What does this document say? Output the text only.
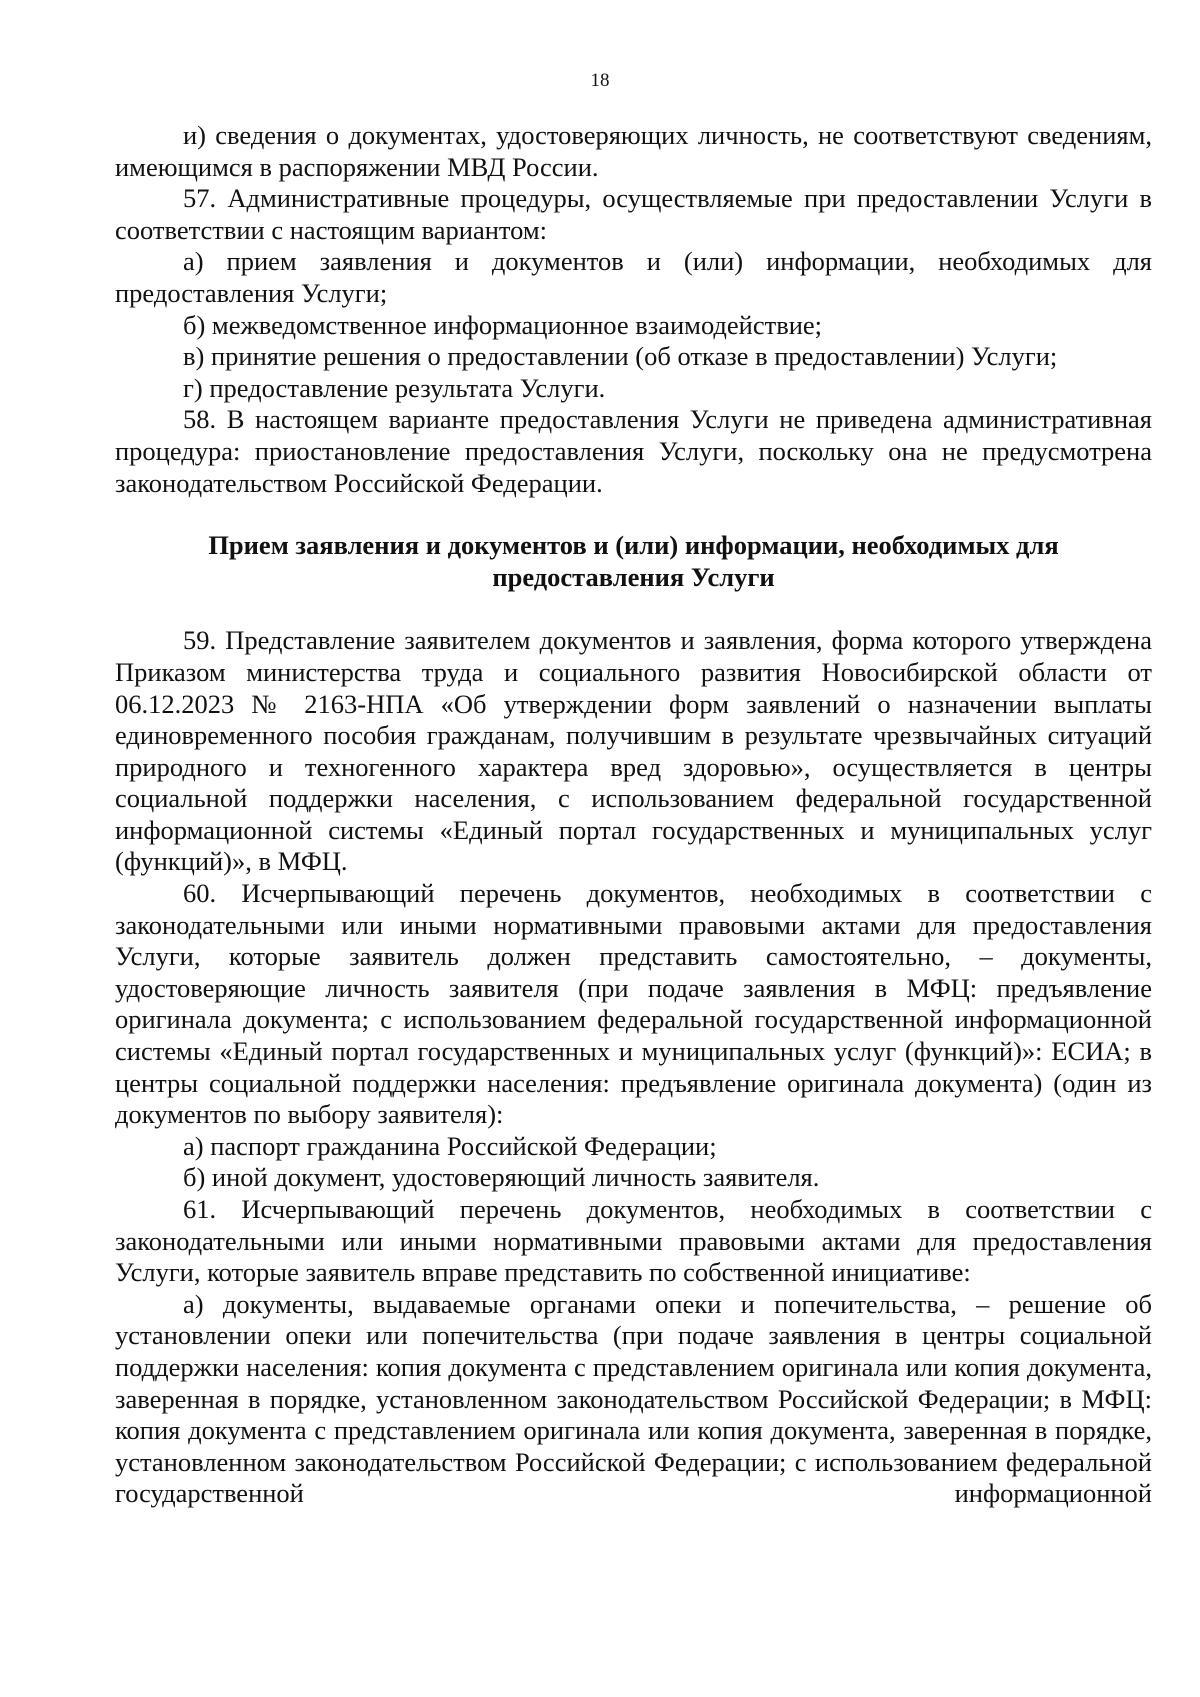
18

и) сведения о документах, удостоверяющих личность, не соответствуют сведениям, имеющимся в распоряжении МВД России.

57. Административные процедуры, осуществляемые при предоставлении Услуги в соответствии с настоящим вариантом:

а) прием заявления и документов и (или) информации, необходимых для предоставления Услуги;

б) межведомственное информационное взаимодействие;

в) принятие решения о предоставлении (об отказе в предоставлении) Услуги;

г) предоставление результата Услуги.

58. В настоящем варианте предоставления Услуги не приведена административная процедура: приостановление предоставления Услуги, поскольку она не предусмотрена законодательством Российской Федерации.

Прием заявления и документов и (или) информации, необходимых для предоставления Услуги

59. Представление заявителем документов и заявления, форма которого утверждена Приказом министерства труда и социального развития Новосибирской области от 06.12.2023 № 2163-НПА «Об утверждении форм заявлений о назначении выплаты единовременного пособия гражданам, получившим в результате чрезвычайных ситуаций природного и техногенного характера вред здоровью», осуществляется в центры социальной поддержки населения, с использованием федеральной государственной информационной системы «Единый портал государственных и муниципальных услуг (функций)», в МФЦ.

60. Исчерпывающий перечень документов, необходимых в соответствии с законодательными или иными нормативными правовыми актами для предоставления Услуги, которые заявитель должен представить самостоятельно, – документы, удостоверяющие личность заявителя (при подаче заявления в МФЦ: предъявление оригинала документа; с использованием федеральной государственной информационной системы «Единый портал государственных и муниципальных услуг (функций)»: ЕСИА; в центры социальной поддержки населения: предъявление оригинала документа) (один из документов по выбору заявителя):

а) паспорт гражданина Российской Федерации;

б) иной документ, удостоверяющий личность заявителя.

61. Исчерпывающий перечень документов, необходимых в соответствии с законодательными или иными нормативными правовыми актами для предоставления Услуги, которые заявитель вправе представить по собственной инициативе:

а) документы, выдаваемые органами опеки и попечительства, – решение об установлении опеки или попечительства (при подаче заявления в центры социальной поддержки населения: копия документа с представлением оригинала или копия документа, заверенная в порядке, установленном законодательством Российской Федерации; в МФЦ: копия документа с представлением оригинала или копия документа, заверенная в порядке, установленном законодательством Российской Федерации; с использованием федеральной государственной информационной
